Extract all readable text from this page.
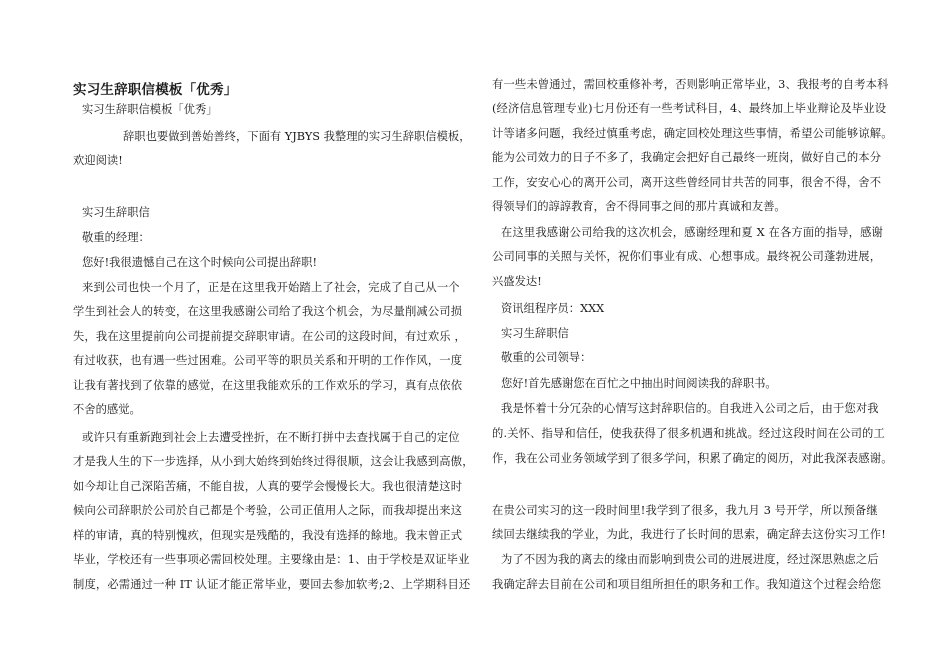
实习生辞职信模板「优秀」
实习生辞职信模板「优秀」
辞职也要做到善始善终，下面有 YJBYS 我整理的实习生辞职信模板，
欢迎阅读!
实习生辞职信
敬重的经理：
您好!我很遗憾自己在这个时候向公司提出辞职!
来到公司也快一个月了，正是在这里我开始踏上了社会，完成了自己从一个
学生到社会人的转变，在这里我感谢公司给了我这个机会，为尽量削减公司损
失，我在这里提前向公司提前提交辞职审请。在公司的这段时间，有过欢乐 ，
有过收获，也有遇一些过困难。公司平等的职员关系和开明的工作作风，一度
让我有著找到了依靠的感觉，在这里我能欢乐的工作欢乐的学习，真有点依依
不舍的感觉。
或许只有重新跑到社会上去遭受挫折，在不断打拼中去查找属于自己的定位
才是我人生的下一步选择，从小到大始终到始终过得很顺，这会让我感到高傲，
如今却让自己深陷苦痛，不能自拔，人真的要学会慢慢长大。我也很清楚这时
候向公司辞职於公司於自己都是个考验，公司正值用人之际，而我却提出来这
样的审请，真的特别愧疚，但现实是残酷的，我没有选择的餘地。我末曾正式
毕业，学校还有一些事项必需回校处理。主要缘由是：1、由于学校是双证毕业
制度，必需通过一种 IT 认证才能正常毕业，要回去参加软考;2、上学期科目还
有一些未曾通过，需回校重修补考，否则影响正常毕业，3、我报考的自考本科
(经济信息管理专业)七月份还有一些考试科目，4、最终加上毕业辩论及毕业设
计等诸多问题，我经过慎重考虑，确定回校处理这些事情，希望公司能够谅解。
能为公司效力的日子不多了，我确定会把好自己最终一班岗，做好自己的本分
工作，安安心心的离开公司，离开这些曾经同甘共苦的同事，很舍不得，舍不
得领导们的諄諄教育，舍不得同事之间的那片真诚和友善。
在这里我感谢公司给我的这次机会，感谢经理和夏 X 在各方面的指导，感谢
公司同事的关照与关怀，祝你们事业有成、心想事成。最终祝公司蓬勃进展，
兴盛发达!
资讯组程序员：XXX
实习生辞职信
敬重的公司领导：
您好!首先感谢您在百忙之中抽出时间阅读我的辞职书。
我是怀着十分冗杂的心情写这封辞职信的。自我进入公司之后，由于您对我
的.关怀、指导和信任，使我获得了很多机遇和挑战。经过这段时间在公司的工
作，我在公司业务领域学到了很多学问，积累了确定的阅历，对此我深表感谢。
在贵公司实习的这一段时间里!我学到了很多，我九月 3 号开学，所以预备继
续回去继续我的学业，为此，我进行了长时间的思索，确定辞去这份实习工作!
为了不因为我的离去的缘由而影响到贵公司的进展进度，经过深思熟虑之后
我确定辞去目前在公司和项目组所担任的职务和工作。我知道这个过程会给您
